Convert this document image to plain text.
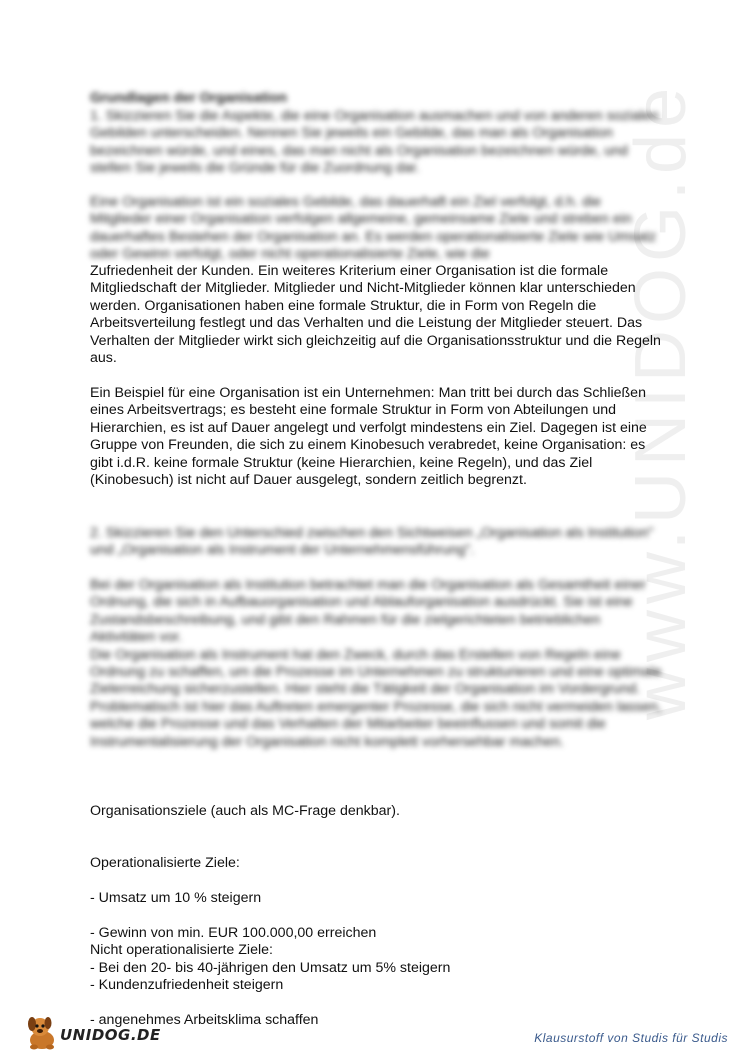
www.UNIDOG.de
Grundlagen der Organisation
1. Skizzieren Sie die Aspekte, die eine Organisation ausmachen und von anderen sozialen Gebilden unterscheiden. Nennen Sie jeweils ein Gebilde, das man als Organisation bezeichnen würde, und eines, das man nicht als Organisation bezeichnen würde, und stellen Sie jeweils die Gründe für die Zuordnung dar.
Eine Organisation ist ein soziales Gebilde, das dauerhaft ein Ziel verfolgt, d.h. die Mitglieder einer Organisation verfolgen allgemeine, gemeinsame Ziele und streben ein dauerhaftes Bestehen der Organisation an. Es werden operationalisierte Ziele wie Umsatz oder Gewinn verfolgt, oder nicht operationalisierte Ziele, wie die
Zufriedenheit der Kunden. Ein weiteres Kriterium einer Organisation ist die formale Mitgliedschaft der Mitglieder. Mitglieder und Nicht-Mitglieder können klar unterschieden werden. Organisationen haben eine formale Struktur, die in Form von Regeln die Arbeitsverteilung festlegt und das Verhalten und die Leistung der Mitglieder steuert. Das Verhalten der Mitglieder wirkt sich gleichzeitig auf die Organisationsstruktur und die Regeln aus.
Ein Beispiel für eine Organisation ist ein Unternehmen: Man tritt bei durch das Schließen eines Arbeitsvertrags; es besteht eine formale Struktur in Form von Abteilungen und Hierarchien, es ist auf Dauer angelegt und verfolgt mindestens ein Ziel. Dagegen ist eine Gruppe von Freunden, die sich zu einem Kinobesuch verabredet, keine Organisation: es gibt i.d.R. keine formale Struktur (keine Hierarchien, keine Regeln), und das Ziel (Kinobesuch) ist nicht auf Dauer ausgelegt, sondern zeitlich begrenzt.
2. Skizzieren Sie den Unterschied zwischen den Sichtweisen „Organisation als Institution" und „Organisation als Instrument der Unternehmensführung".
Bei der Organisation als Institution betrachtet man die Organisation als Gesamtheit einer Ordnung, die sich in Aufbauorganisation und Ablauforganisation ausdrückt. Sie ist eine Zustandsbeschreibung, und gibt den Rahmen für die zielgerichteten betrieblichen Aktivitäten vor.
Die Organisation als Instrument hat den Zweck, durch das Erstellen von Regeln eine Ordnung zu schaffen, um die Prozesse im Unternehmen zu strukturieren und eine optimale Zielerreichung sicherzustellen. Hier steht die Tätigkeit der Organisation im Vordergrund. Problematisch ist hier das Auftreten emergenter Prozesse, die sich nicht vermeiden lassen, welche die Prozesse und das Verhalten der Mitarbeiter beeinflussen und somit die Instrumentalisierung der Organisation nicht komplett vorhersehbar machen.

Organisationsziele (auch als MC-Frage denkbar).

Operationalisierte Ziele:

- Umsatz um 10 % steigern

- Gewinn von min. EUR 100.000,00 erreichen

- Bei den 20- bis 40-jährigen den Umsatz um 5% steigern

Nicht operationalisierte Ziele:

- Kundenzufriedenheit steigern

- angenehmes Arbeitsklima schaffen

UNIDOG.DE	Klausurstoff von Studis für Studis
